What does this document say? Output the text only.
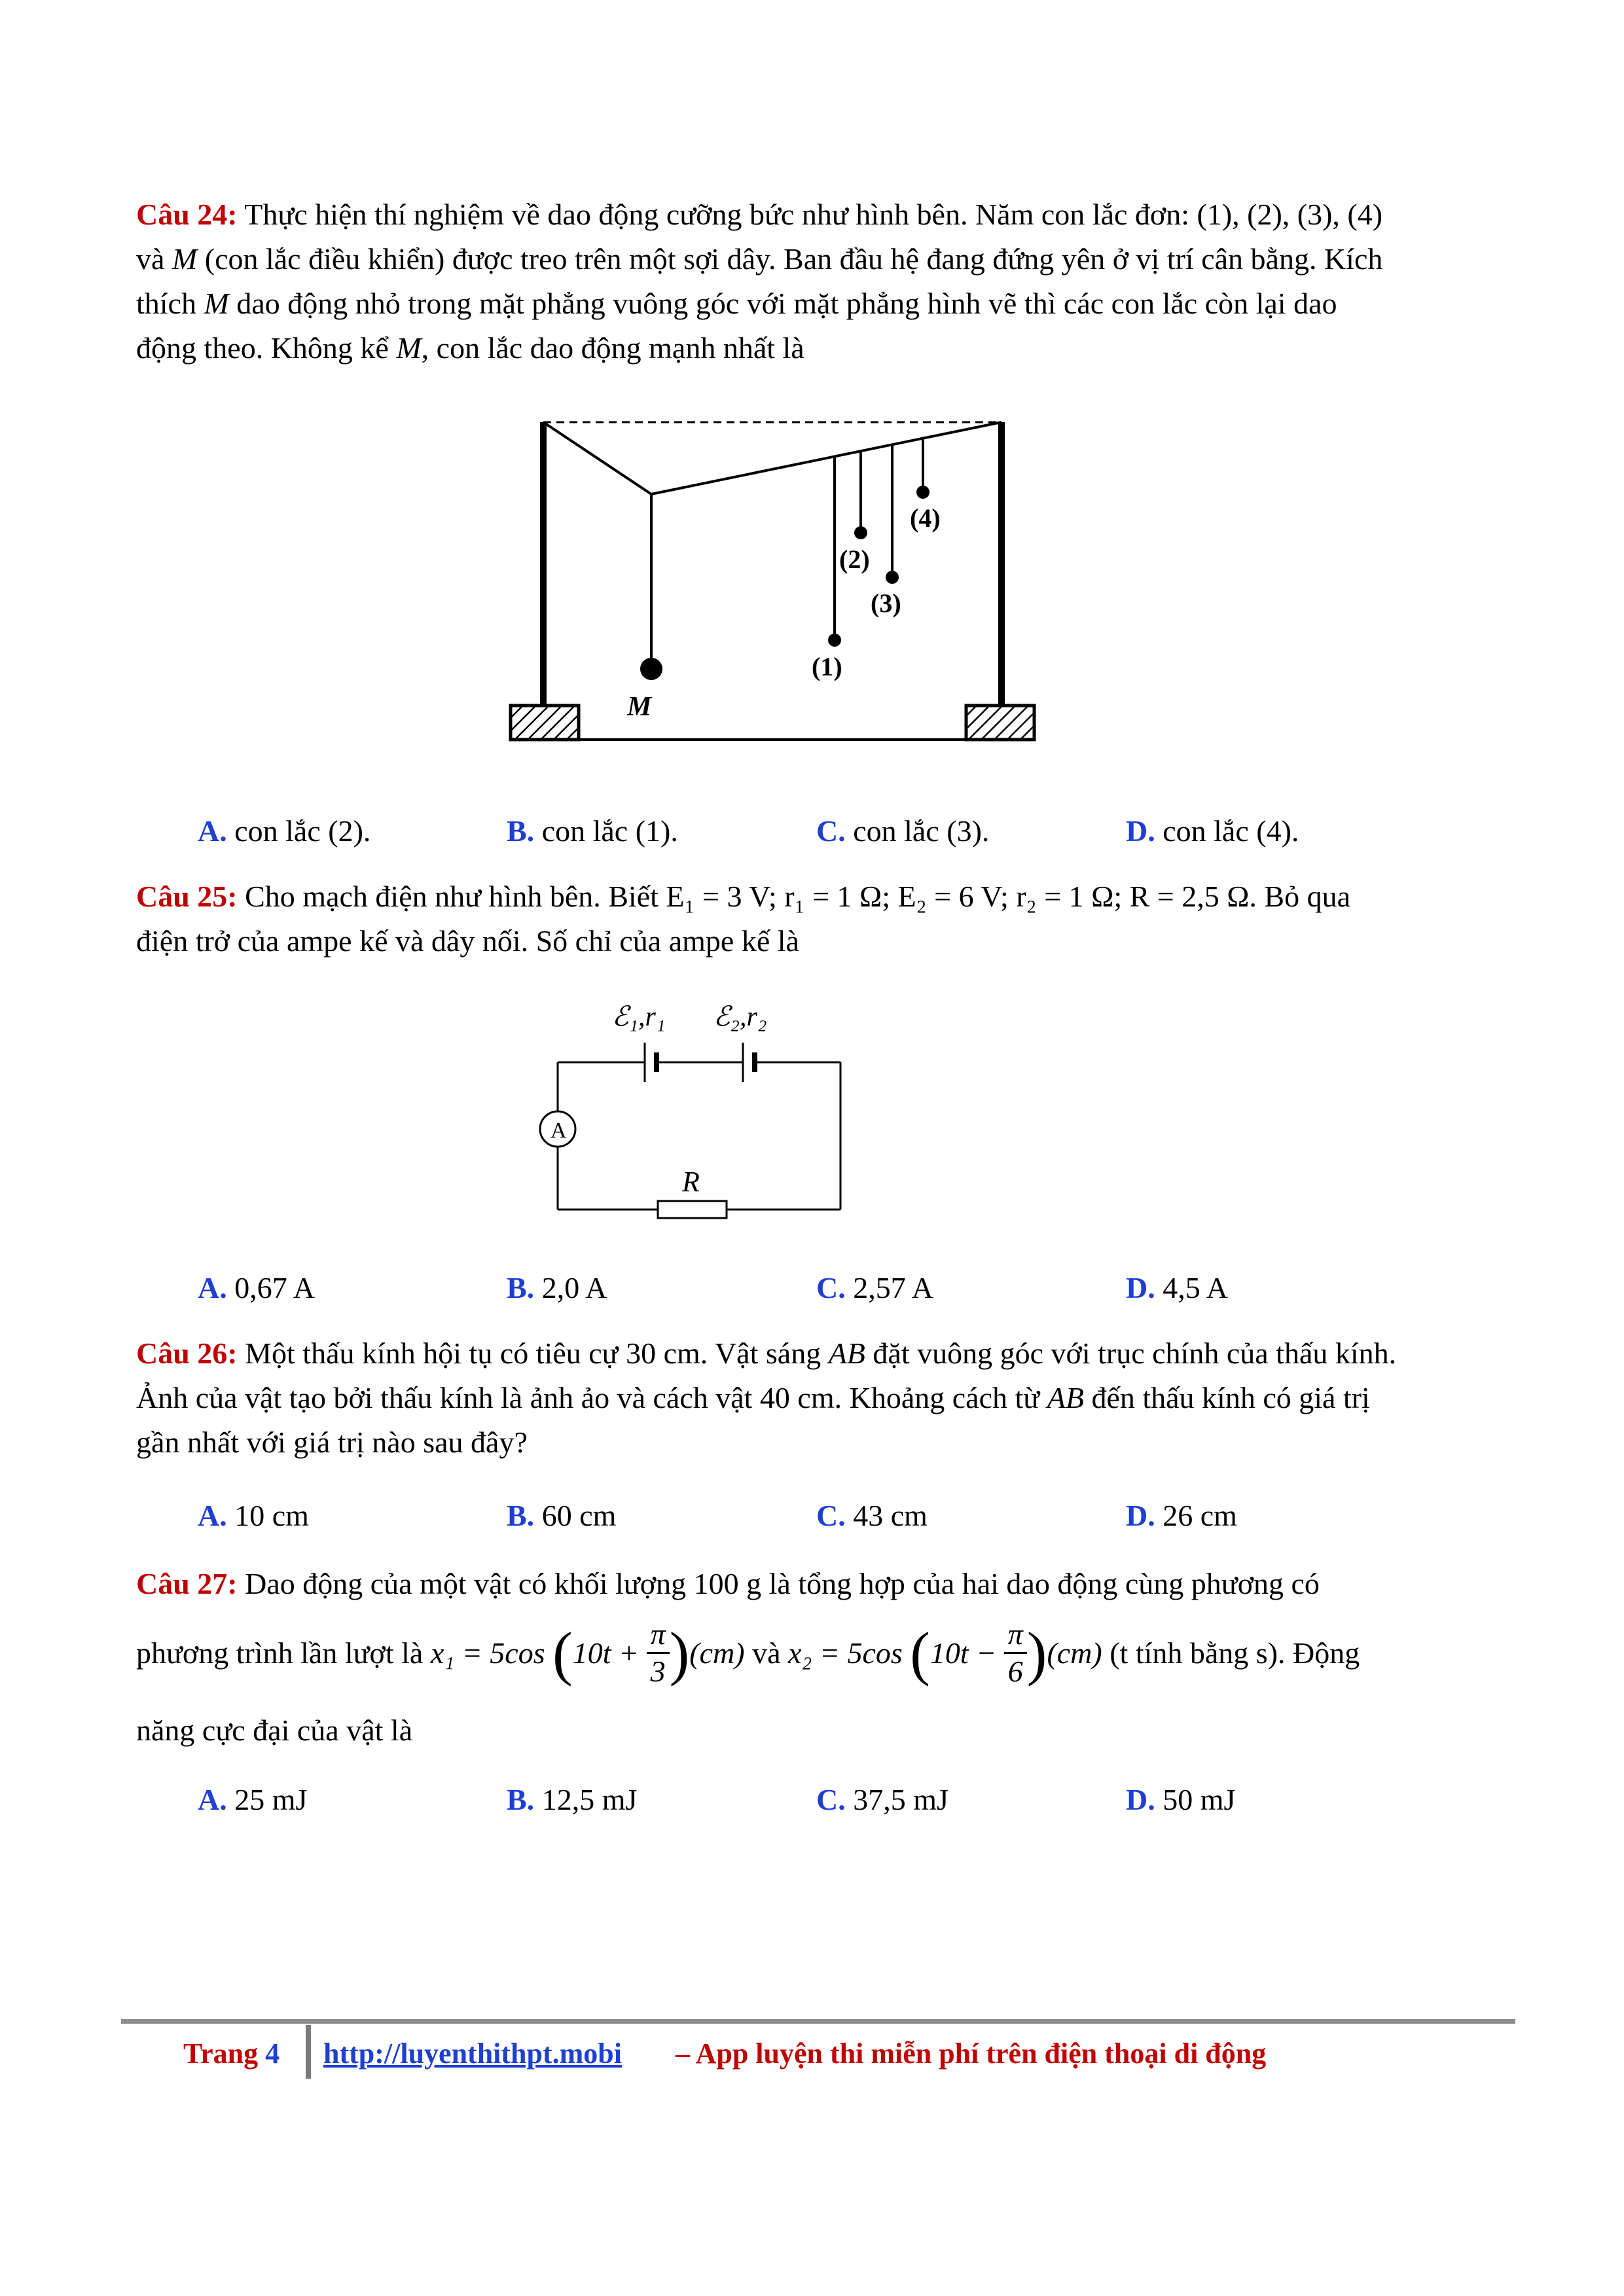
Câu 24: Thực hiện thí nghiệm về dao động cưỡng bức như hình bên. Năm con lắc đơn: (1), (2), (3), (4)
và M (con lắc điều khiển) được treo trên một sợi dây. Ban đầu hệ đang đứng yên ở vị trí cân bằng. Kích
thích M dao động nhỏ trong mặt phẳng vuông góc với mặt phẳng hình vẽ thì các con lắc còn lại dao
động theo. Không kể M, con lắc dao động mạnh nhất là
M
(1)
(2)
(3)
(4)
A. con lắc (2).	B. con lắc (1).	C. con lắc (3).	D. con lắc (4).
Câu 25: Cho mạch điện như hình bên. Biết E₁ = 3 V; r₁ = 1 Ω; E₂ = 6 V; r₂ = 1 Ω; R = 2,5 Ω. Bỏ qua
điện trở của ampe kế và dây nối. Số chỉ của ampe kế là
ℰ₁,r₁ ℰ₂,r₂
A
R
A. 0,67 A	B. 2,0 A	C. 2,57 A	D. 4,5 A
Câu 26: Một thấu kính hội tụ có tiêu cự 30 cm. Vật sáng AB đặt vuông góc với trục chính của thấu kính.
Ảnh của vật tạo bởi thấu kính là ảnh ảo và cách vật 40 cm. Khoảng cách từ AB đến thấu kính có giá trị
gần nhất với giá trị nào sau đây?
A. 10 cm	B. 60 cm	C. 43 cm	D. 26 cm
Câu 27: Dao động của một vật có khối lượng 100 g là tổng hợp của hai dao động cùng phương có
phương trình lần lượt là x₁ = 5cos $(10t + \frac{\pi}{3} )(cm)$ và x₂ = 5cos $(10t - \frac{\pi}{6} )(cm)$ (t tính bằng s). Động
năng cực đại của vật là
A. 25 mJ	B. 12,5 mJ	C. 37,5 mJ	D. 50 mJ
Trang 4 http://luyenthithpt.mobi – App luyện thi miễn phí trên điện thoại di động
